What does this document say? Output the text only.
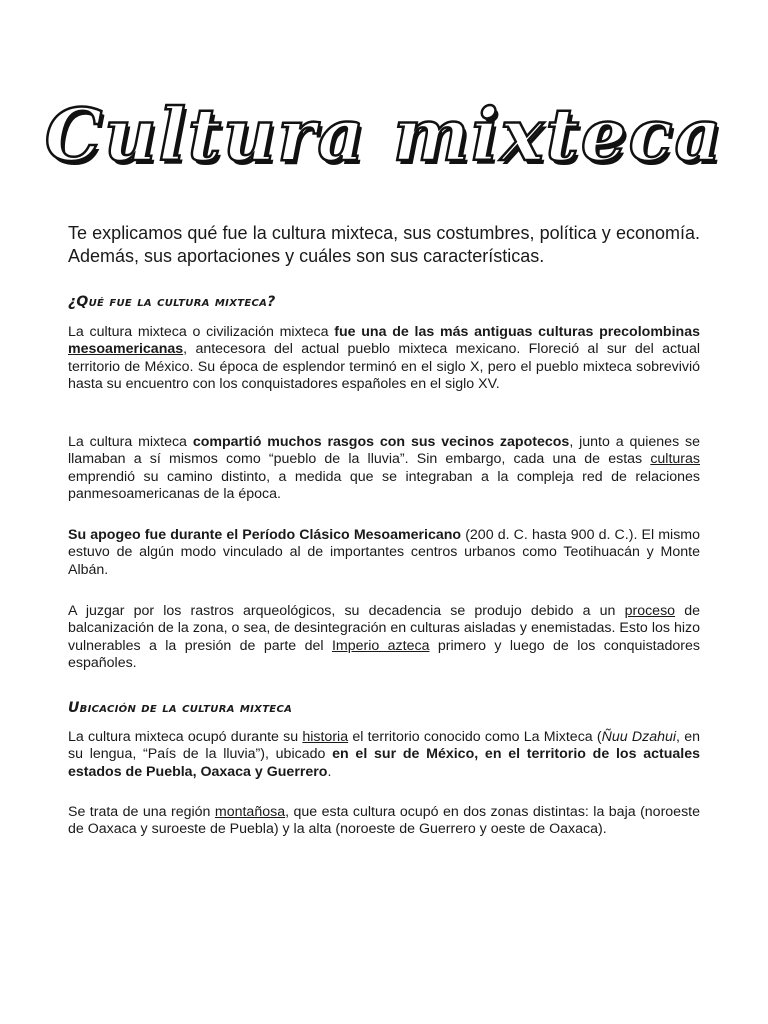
Cultura mixteca
Te explicamos qué fue la cultura mixteca, sus costumbres, política y economía. Además, sus aportaciones y cuáles son sus características.
¿Qué fue la cultura mixteca?

La cultura mixteca o civilización mixteca fue una de las más antiguas culturas precolombinas mesoamericanas, antecesora del actual pueblo mixteca mexicano. Floreció al sur del actual territorio de México. Su época de esplendor terminó en el siglo X, pero el pueblo mixteca sobrevivió hasta su encuentro con los conquistadores españoles en el siglo XV.

La cultura mixteca compartió muchos rasgos con sus vecinos zapotecos, junto a quienes se llamaban a sí mismos como “pueblo de la lluvia”. Sin embargo, cada una de estas culturas emprendió su camino distinto, a medida que se integraban a la compleja red de relaciones panmesoamericanas de la época.

Su apogeo fue durante el Período Clásico Mesoamericano (200 d. C. hasta 900 d. C.). El mismo estuvo de algún modo vinculado al de importantes centros urbanos como Teotihuacán y Monte Albán.

A juzgar por los rastros arqueológicos, su decadencia se produjo debido a un proceso de balcanización de la zona, o sea, de desintegración en culturas aisladas y enemistadas. Esto los hizo vulnerables a la presión de parte del Imperio azteca primero y luego de los conquistadores españoles.

Ubicación de la cultura mixteca

La cultura mixteca ocupó durante su historia el territorio conocido como La Mixteca (Ñuu Dzahui, en su lengua, “País de la lluvia”), ubicado en el sur de México, en el territorio de los actuales estados de Puebla, Oaxaca y Guerrero.

Se trata de una región montañosa, que esta cultura ocupó en dos zonas distintas: la baja (noroeste de Oaxaca y suroeste de Puebla) y la alta (noroeste de Guerrero y oeste de Oaxaca).
